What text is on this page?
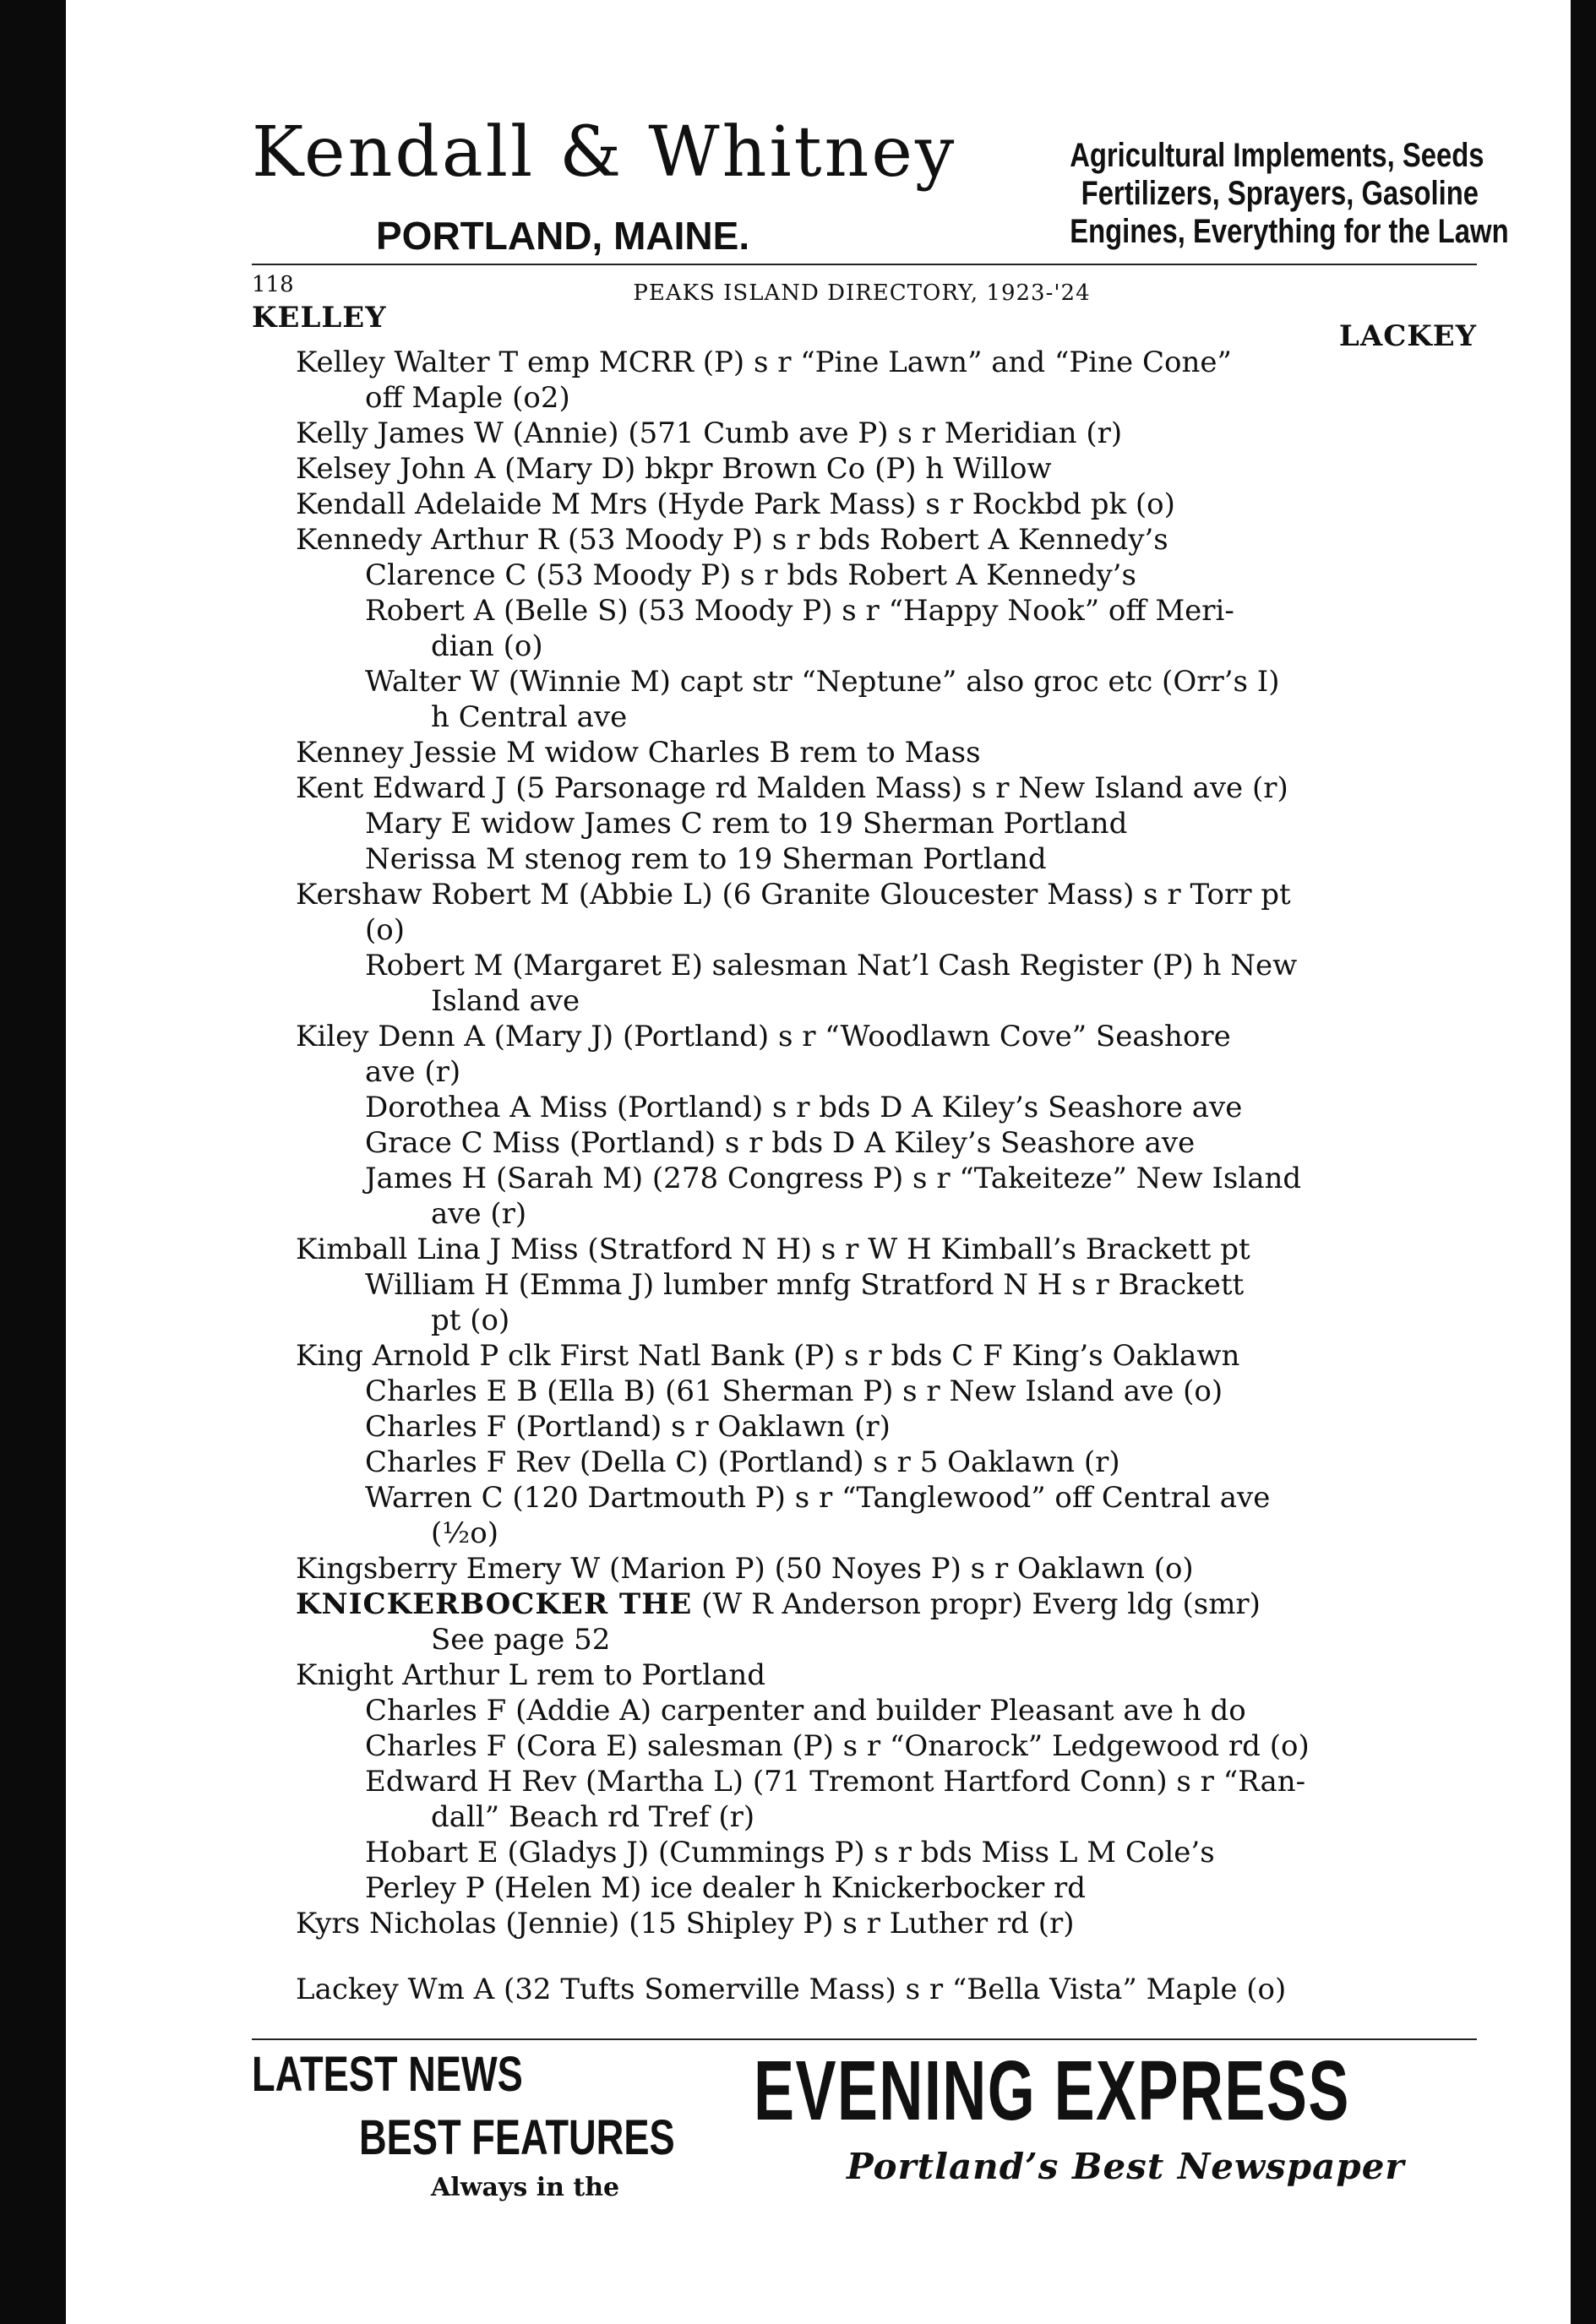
Kendall & Whitney
PORTLAND, MAINE.
Agricultural Implements, Seeds
Fertilizers, Sprayers, Gasoline
Engines, Everything for the Lawn
118	PEAKS ISLAND DIRECTORY, 1923-'24
KELLEY
LACKEY
Kelley Walter T emp MCRR (P) s r “Pine Lawn” and “Pine Cone”
off Maple (o2)
Kelly James W (Annie) (571 Cumb ave P) s r Meridian (r)
Kelsey John A (Mary D) bkpr Brown Co (P) h Willow
Kendall Adelaide M Mrs (Hyde Park Mass) s r Rockbd pk (o)
Kennedy Arthur R (53 Moody P) s r bds Robert A Kennedy’s
Clarence C (53 Moody P) s r bds Robert A Kennedy’s
Robert A (Belle S) (53 Moody P) s r “Happy Nook” off Meri-
dian (o)
Walter W (Winnie M) capt str “Neptune” also groc etc (Orr’s I)
h Central ave
Kenney Jessie M widow Charles B rem to Mass
Kent Edward J (5 Parsonage rd Malden Mass) s r New Island ave (r)
Mary E widow James C rem to 19 Sherman Portland
Nerissa M stenog rem to 19 Sherman Portland
Kershaw Robert M (Abbie L) (6 Granite Gloucester Mass) s r Torr pt
(o)
Robert M (Margaret E) salesman Nat’l Cash Register (P) h New
Island ave
Kiley Denn A (Mary J) (Portland) s r “Woodlawn Cove” Seashore
ave (r)
Dorothea A Miss (Portland) s r bds D A Kiley’s Seashore ave
Grace C Miss (Portland) s r bds D A Kiley’s Seashore ave
James H (Sarah M) (278 Congress P) s r “Takeiteze” New Island
ave (r)
Kimball Lina J Miss (Stratford N H) s r W H Kimball’s Brackett pt
William H (Emma J) lumber mnfg Stratford N H s r Brackett
pt (o)
King Arnold P clk First Natl Bank (P) s r bds C F King’s Oaklawn
Charles E B (Ella B) (61 Sherman P) s r New Island ave (o)
Charles F (Portland) s r Oaklawn (r)
Charles F Rev (Della C) (Portland) s r 5 Oaklawn (r)
Warren C (120 Dartmouth P) s r “Tanglewood” off Central ave
(½o)
Kingsberry Emery W (Marion P) (50 Noyes P) s r Oaklawn (o)
KNICKERBOCKER THE (W R Anderson propr) Everg ldg (smr)
See page 52
Knight Arthur L rem to Portland
Charles F (Addie A) carpenter and builder Pleasant ave h do
Charles F (Cora E) salesman (P) s r “Onarock” Ledgewood rd (o)
Edward H Rev (Martha L) (71 Tremont Hartford Conn) s r “Ran-
dall” Beach rd Tref (r)
Hobart E (Gladys J) (Cummings P) s r bds Miss L M Cole’s
Perley P (Helen M) ice dealer h Knickerbocker rd
Kyrs Nicholas (Jennie) (15 Shipley P) s r Luther rd (r)
Lackey Wm A (32 Tufts Somerville Mass) s r “Bella Vista” Maple (o)
LATEST NEWS
BEST FEATURES
Always in the
EVENING EXPRESS
Portland’s Best Newspaper
